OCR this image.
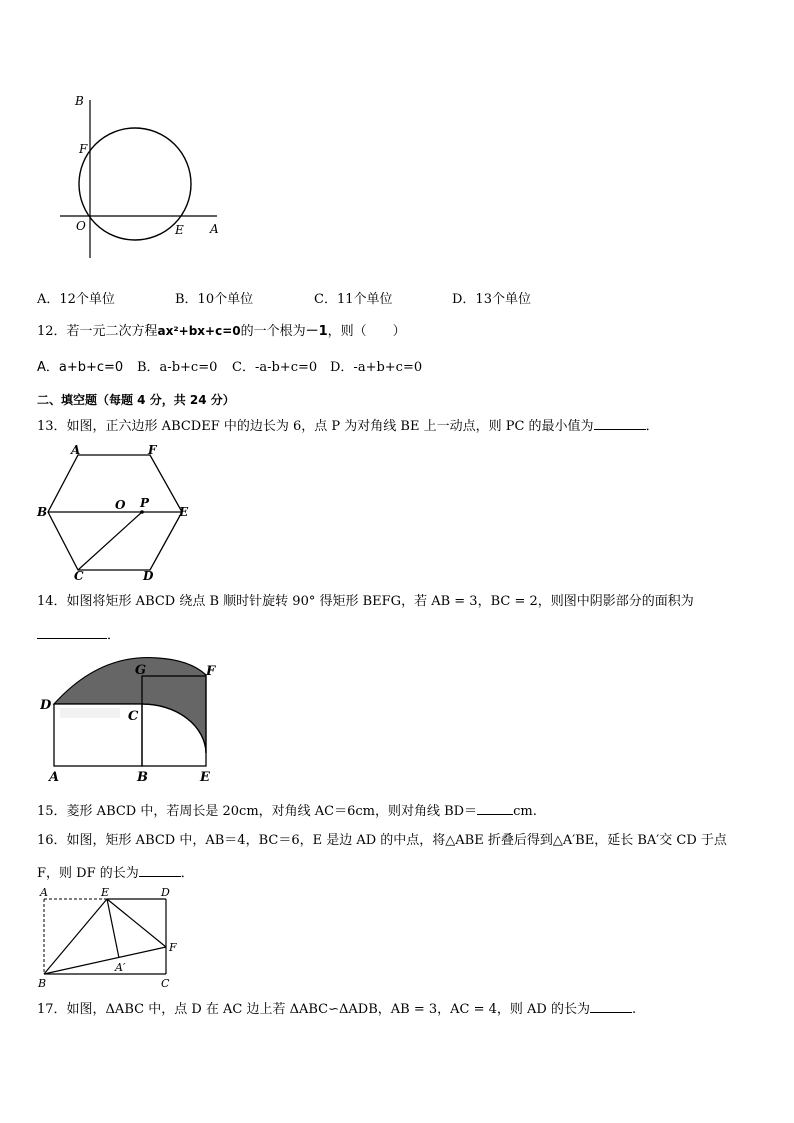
B
F
O	E A
A．12个单位	B．10个单位	C．11个单位	D．13个单位
12．若一元二次方程ax²+bx+c=0的一个根为－1，则（　　）
A．a+b+c=0 B．a-b+c=0 C．-a-b+c=0 D．-a+b+c=0
二、填空题（每题 4 分，共 24 分）
13．如图，正六边形 ABCDEF 中的边长为 6，点 P 为对角线 BE 上一动点，则 PC 的最小值为	．
A	F
B	O P
E
C	D
14．如图将矩形 ABCD 绕点 B 顺时针旋转 90° 得矩形 BEFG，若 AB = 3，BC = 2，则图中阴影部分的面积为
．
G	F
D
C
A	B	E
15．菱形 ABCD 中，若周长是 20cm，对角线 AC＝6cm，则对角线 BD＝	cm.
16．如图，矩形 ABCD 中，AB＝4，BC＝6，E 是边 AD 的中点，将△ABE 折叠后得到△A′BE，延长 BA′交 CD 于点
F，则 DF 的长为	．
A	E	D
F
A′
B	C
17．如图，ΔABC 中，点 D 在 AC 边上若 ΔABC∽ΔADB，AB = 3，AC = 4，则 AD 的长为	.
